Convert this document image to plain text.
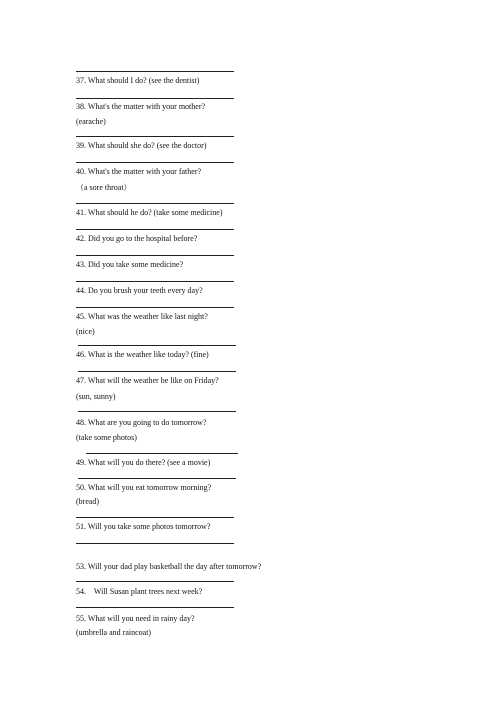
37. What should I do? (see the dentist)

38. What's the matter with your mother?

(earache)

39. What should she do? (see the doctor)

40. What's the matter with your father?

（a sore throat）

41. What should he do? (take some medicine)

42. Did you go to the hospital before?

43. Did you take some medicine?

44. Do you brush your teeth every day?

45. What was the weather like last night?

(nice)

46. What is the weather like today? (fine)

47. What will the weather be like on Friday?

(sun, sunny)

48. What are you going to do tomorrow?

(take some photos)

49. What will you do there? (see a movie)

50. What will you eat tomorrow morning?

(bread)

51. Will you take some photos tomorrow?

53. Will your dad play basketball the day after tomorrow?

54.    Will Susan plant trees next week?

55. What will you need in rainy day?

(umbrella and raincoat)
